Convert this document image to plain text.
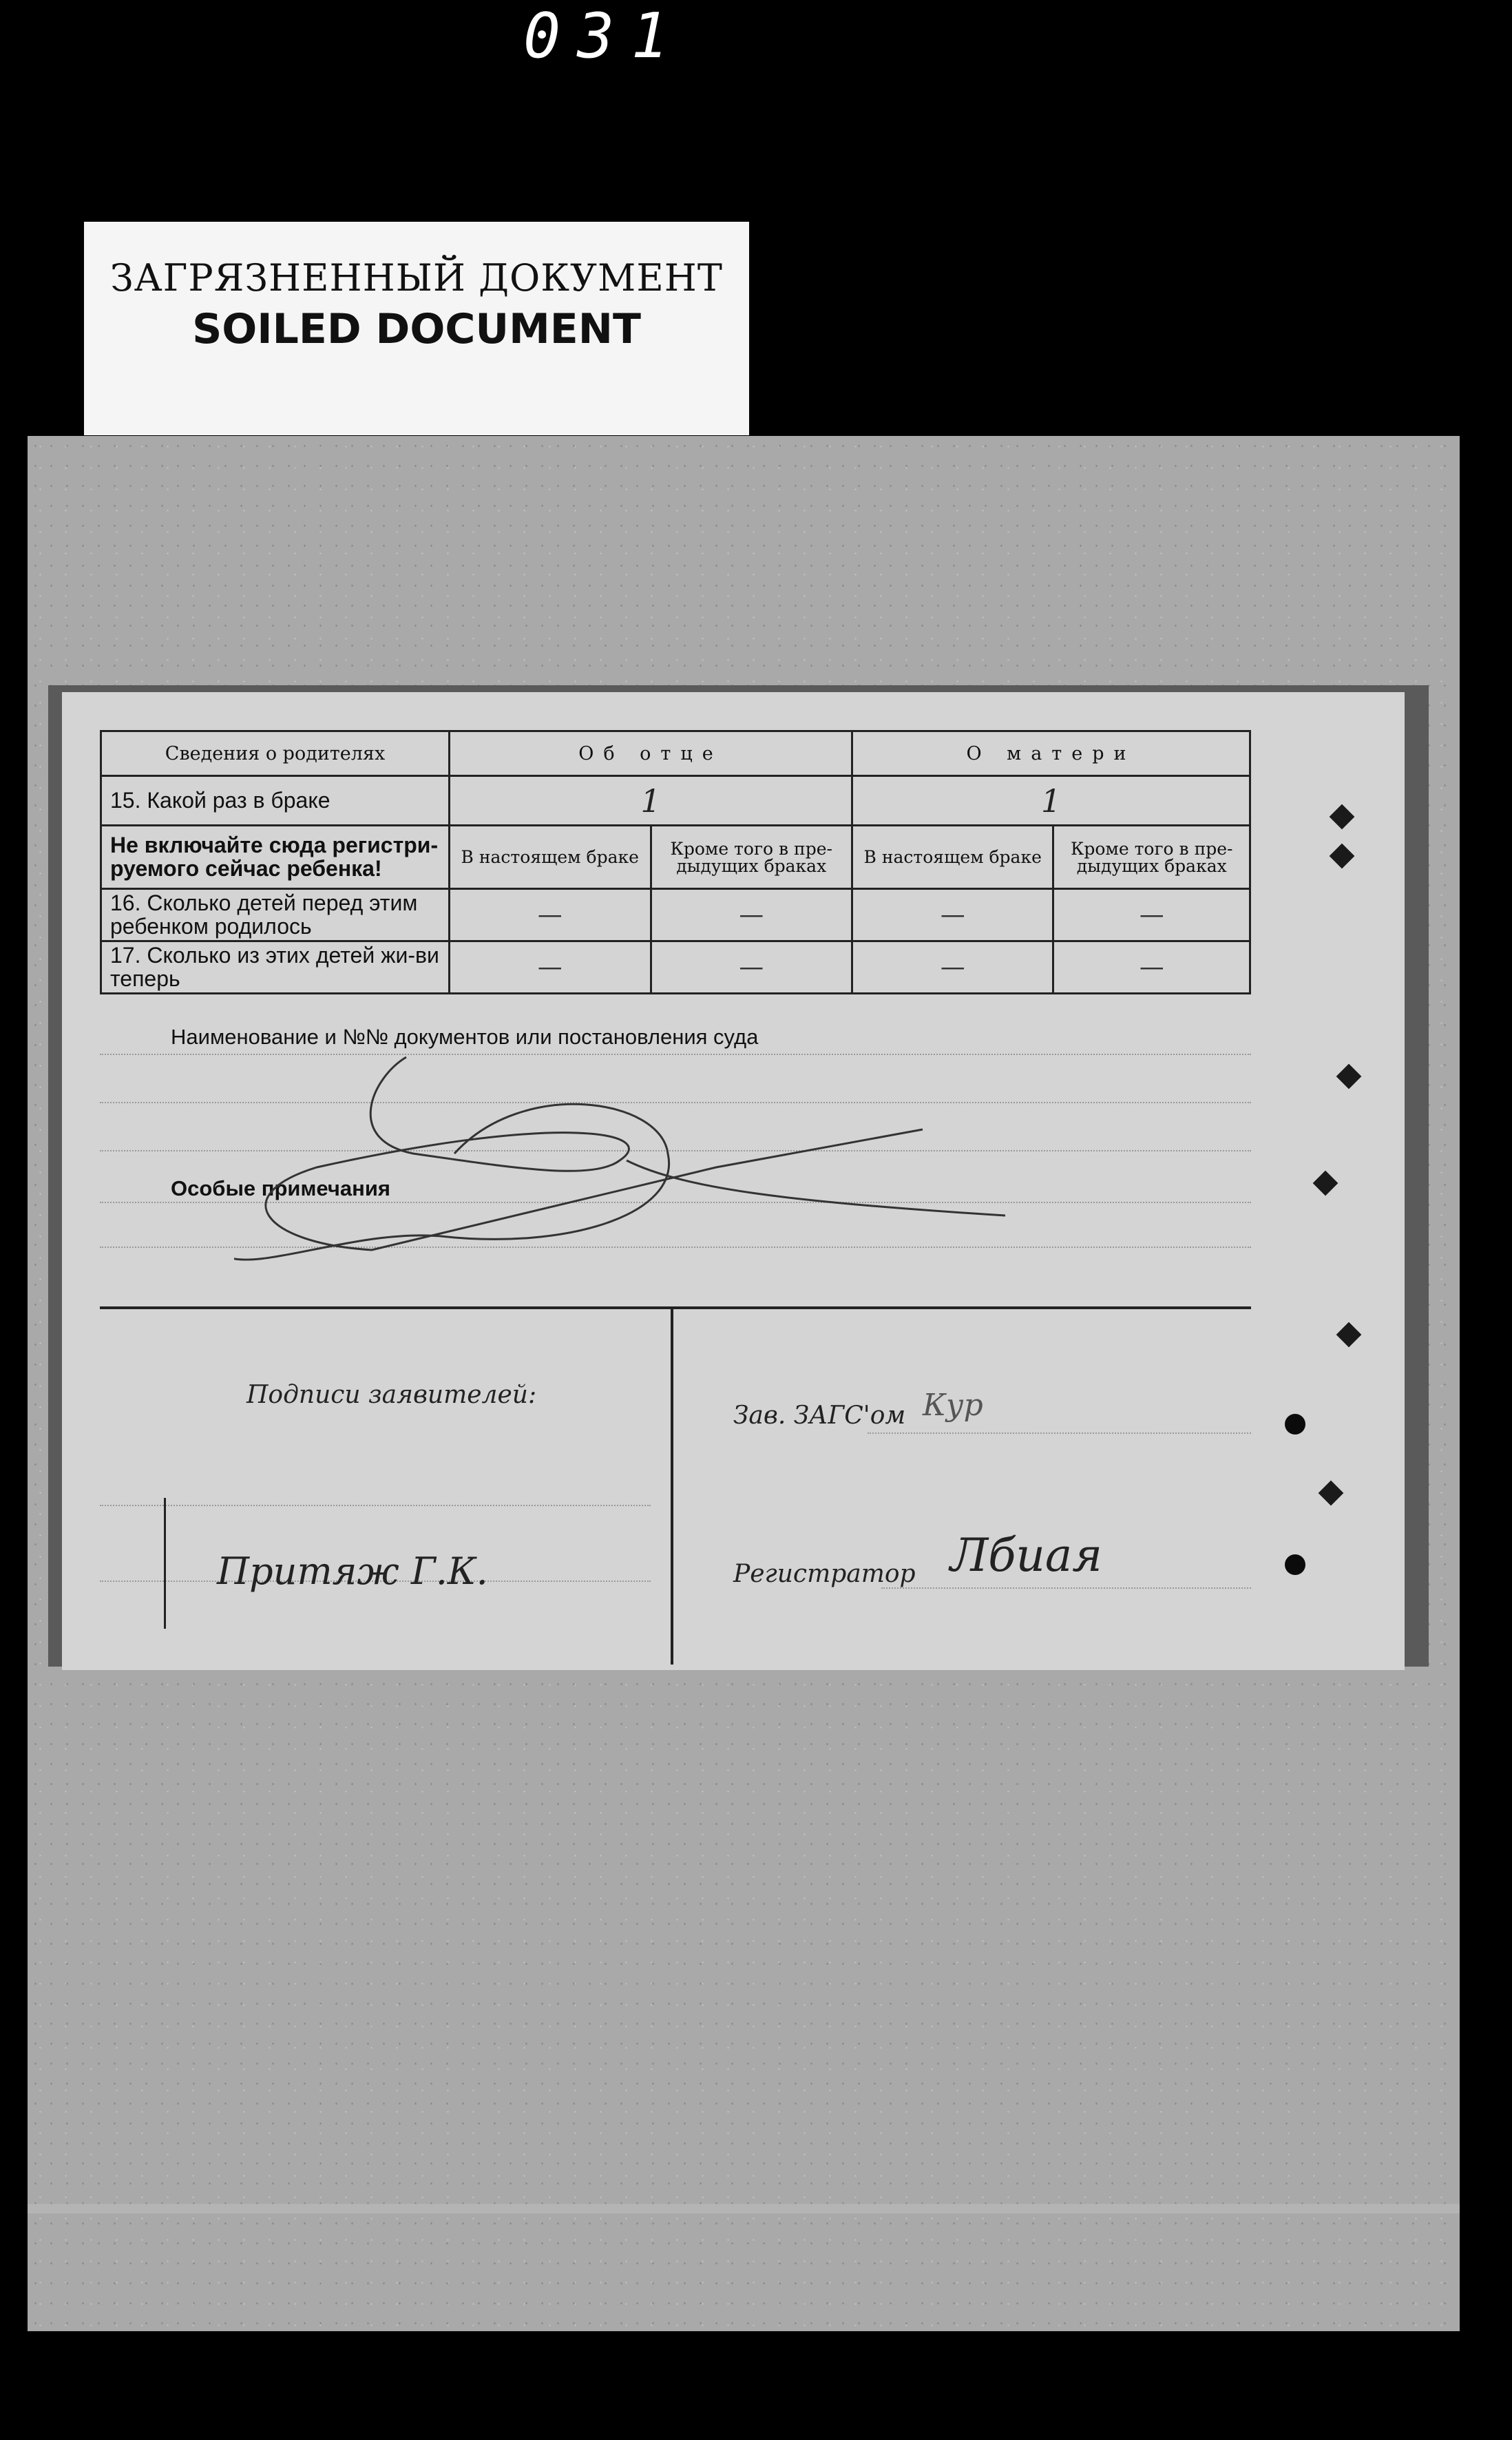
031
ЗАГРЯЗНЕННЫЙ ДОКУМЕНТ
SOILED DOCUMENT
Сведения о родителях	Об отце		О матери	
15. Какой раз в браке	1		1	
Не включайте сюда регистри-руемого сейчас ребенка!	В настоящем браке	Кроме того в пре-дыдущих браках	В настоящем браке	Кроме того в пре-дыдущих браках
16. Сколько детей перед этим ребенком родилось	—	—	—	—
17. Сколько из этих детей жи-ви теперь	—	—	—	—
Наименование и №№ документов или постановления суда
Особые примечания
Подписи заявителей:
Притяж Г.К.
Зав. ЗАГС'ом Кур
Регистратор Лбиая
